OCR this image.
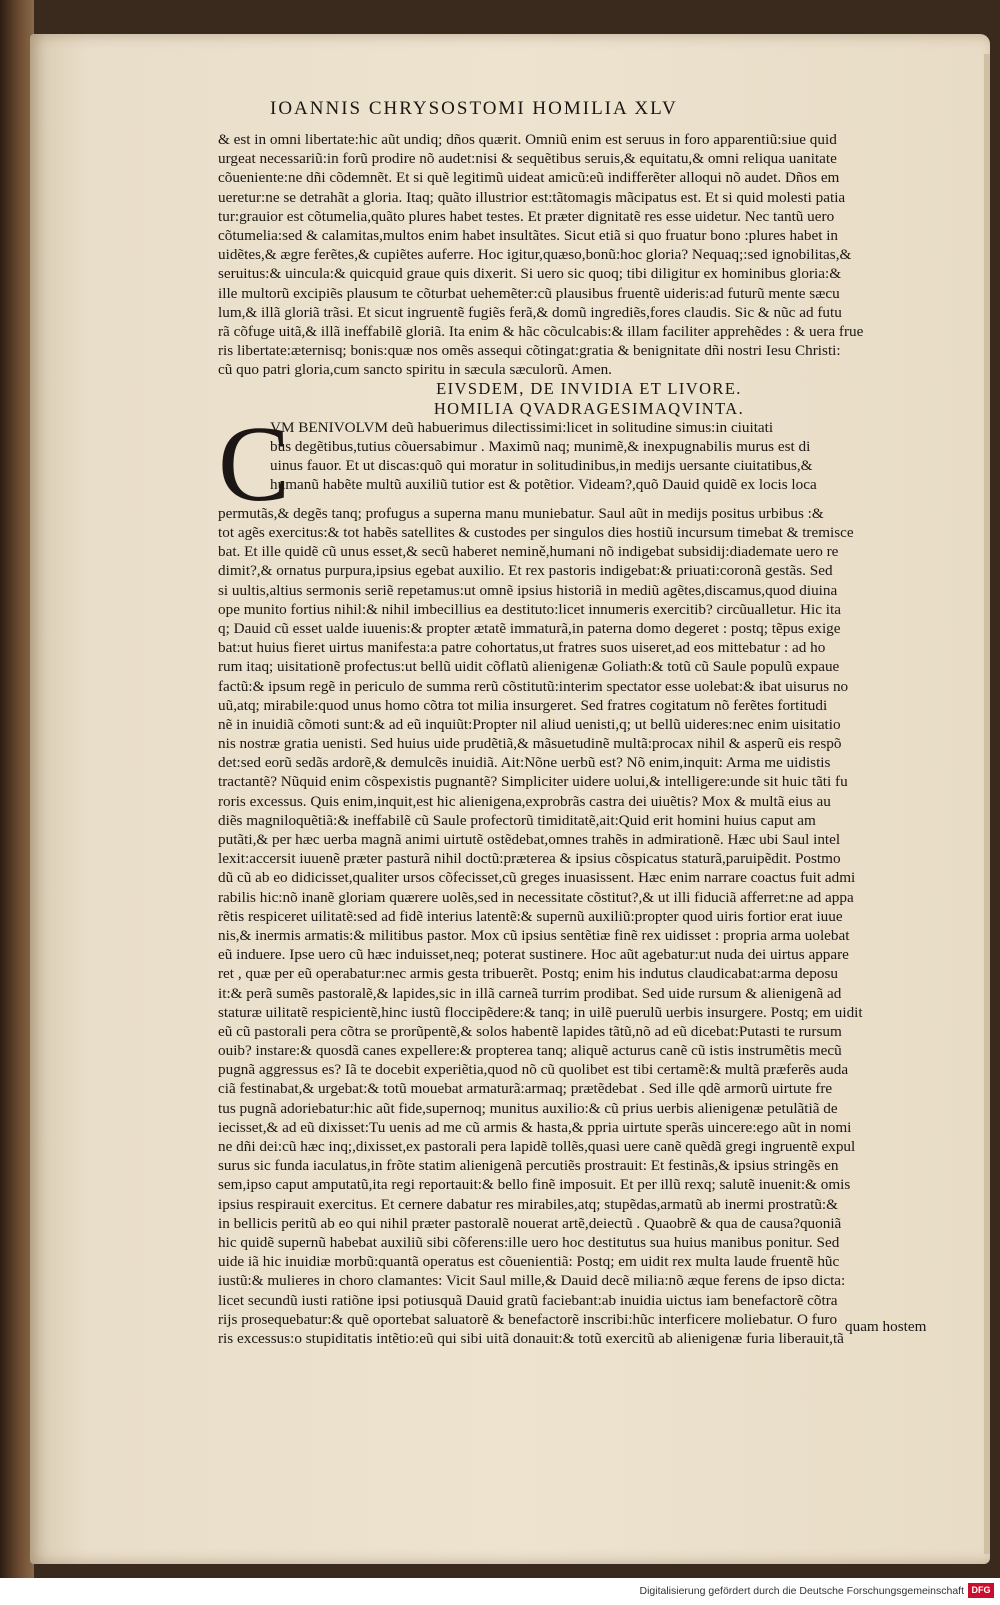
IOANNIS CHRYSOSTOMI HOMILIA XLV
& est in omni libertate:hic aũt undiq; dños quærit. Omniũ enim est seruus in foro apparentiũ:siue quid
urgeat necessariũ:in forũ prodire nõ audet:nisi & sequẽtibus seruis,& equitatu,& omni reliqua uanitate
cõueniente:ne dñi cõdemnẽt. Et si quẽ legitimũ uideat amicũ:eũ indifferẽter alloqui nõ audet. Dños em
ueretur:ne se detrahãt a gloria. Itaq; quãto illustrior est:tãtomagis mãcipatus est. Et si quid molesti patia
tur:grauior est cõtumelia,quãto plures habet testes. Et præter dignitatẽ res esse uidetur. Nec tantũ uero
cõtumelia:sed & calamitas,multos enim habet insultãtes. Sicut etiã si quo fruatur bono :plures habet in
uidẽtes,& ægre ferẽtes,& cupiẽtes auferre. Hoc igitur,quæso,bonũ:hoc gloria? Nequaq;:sed ignobilitas,&
seruitus:& uincula:& quicquid graue quis dixerit. Si uero sic quoq; tibi diligitur ex hominibus gloria:&
ille multorũ excipiẽs plausum te cõturbat uehemẽter:cũ plausibus fruentẽ uideris:ad futurũ mente sæcu
lum,& illã gloriã trãsi. Et sicut ingruentẽ fugiẽs ferã,& domũ ingrediẽs,fores claudis. Sic & nũc ad futu
rã cõfuge uitã,& illã ineffabilẽ gloriã. Ita enim & hãc cõculcabis:& illam faciliter apprehẽdes : & uera frue
ris libertate:æternisq; bonis:quæ nos omẽs assequi cõtingat:gratia & benignitate dñi nostri Iesu Christi:
cũ quo patri gloria,cum sancto spiritu in sæcula sæculorũ. Amen.
EIVSDEM, DE INVIDIA ET LIVORE.
HOMILIA QVADRAGESIMAQVINTA.
C
VM BENIVOLVM deũ habuerimus dilectissimi:licet in solitudine simus:in ciuitati
bus degẽtibus,tutius cõuersabimur . Maximũ naq; munimẽ,& inexpugnabilis murus est di
uinus fauor. Et ut discas:quõ qui moratur in solitudinibus,in medijs uersante ciuitatibus,&
humanũ habẽte multũ auxiliũ tutior est & potẽtior. Videam?,quõ Dauid quidẽ ex locis loca
permutãs,& degẽs tanq; profugus a superna manu muniebatur. Saul aũt in medijs positus urbibus :&
tot agẽs exercitus:& tot habẽs satellites & custodes per singulos dies hostiũ incursum timebat & tremisce
bat. Et ille quidẽ cũ unus esset,& secũ haberet nemině,humani nõ indigebat subsidij:diademate uero re
dimit?,& ornatus purpura,ipsius egebat auxilio. Et rex pastoris indigebat:& priuati:coronã gestãs. Sed
si uultis,altius sermonis seriẽ repetamus:ut omnẽ ipsius historiã in mediũ agẽtes,discamus,quod diuina
ope munito fortius nihil:& nihil imbecillius ea destituto:licet innumeris exercitib? circũualletur. Hic ita
q; Dauid cũ esset ualde iuuenis:& propter ætatẽ immaturã,in paterna domo degeret : postq; tẽpus exige
bat:ut huius fieret uirtus manifesta:a patre cohortatus,ut fratres suos uiseret,ad eos mittebatur : ad ho
rum itaq; uisitationẽ profectus:ut bellũ uidit cõflatũ alienigenæ Goliath:& totũ cũ Saule populũ expaue
factũ:& ipsum regẽ in periculo de summa rerũ cõstitutũ:interim spectator esse uolebat:& ibat uisurus no
uũ,atq; mirabile:quod unus homo cõtra tot milia insurgeret. Sed fratres cogitatum nõ ferẽtes fortitudi
nẽ in inuidiã cõmoti sunt:& ad eũ inquiũt:Propter nil aliud uenisti,q; ut bellũ uideres:nec enim uisitatio
nis nostræ gratia uenisti. Sed huius uide prudẽtiã,& mãsuetudinẽ multã:procax nihil & asperũ eis respõ
det:sed eorũ sedãs ardorẽ,& demulcẽs inuidiã. Ait:Nõne uerbũ est? Nõ enim,inquit: Arma me uidistis
tractantẽ? Nũquid enim cõspexistis pugnantẽ? Simpliciter uidere uolui,& intelligere:unde sit huic tãti fu
roris excessus. Quis enim,inquit,est hic alienigena,exprobrãs castra dei uiuẽtis? Mox & multã eius au
diẽs magniloquẽtiã:& ineffabilẽ cũ Saule profectorũ timiditatẽ,ait:Quid erit homini huius caput am
putãti,& per hæc uerba magnã animi uirtutẽ ostẽdebat,omnes trahẽs in admirationẽ. Hæc ubi Saul intel
lexit:accersit iuuenẽ præter pasturã nihil doctũ:præterea & ipsius cõspicatus staturã,paruipẽdit. Postmo
dũ cũ ab eo didicisset,qualiter ursos cõfecisset,cũ greges inuasissent. Hæc enim narrare coactus fuit admi
rabilis hic:nõ inanẽ gloriam quærere uolẽs,sed in necessitate cõstitut?,& ut illi fiduciã afferret:ne ad appa
rẽtis respiceret uilitatẽ:sed ad fidẽ interius latentẽ:& supernũ auxiliũ:propter quod uiris fortior erat iuue
nis,& inermis armatis:& militibus pastor. Mox cũ ipsius sentẽtiæ finẽ rex uidisset : propria arma uolebat
eũ induere. Ipse uero cũ hæc induisset,neq; poterat sustinere. Hoc aũt agebatur:ut nuda dei uirtus appare
ret , quæ per eũ operabatur:nec armis gesta tribuerẽt. Postq; enim his indutus claudicabat:arma deposu
it:& perã sumẽs pastoralẽ,& lapides,sic in illã carneã turrim prodibat. Sed uide rursum & alienigenã ad
staturæ uilitatẽ respicientẽ,hinc iustũ floccipẽdere:& tanq; in uilẽ puerulũ uerbis insurgere. Postq; em uidit
eũ cũ pastorali pera cõtra se prorũpentẽ,& solos habentẽ lapides tãtũ,nõ ad eũ dicebat:Putasti te rursum
ouib? instare:& quosdã canes expellere:& propterea tanq; aliquẽ acturus canẽ cũ istis instrumẽtis mecũ
pugnã aggressus es? Iã te docebit experiẽtia,quod nõ cũ quolibet est tibi certamẽ:& multã præferẽs auda
ciã festinabat,& urgebat:& totũ mouebat armaturã:armaq; prætẽdebat . Sed ille qdẽ armorũ uirtute fre
tus pugnã adoriebatur:hic aũt fide,supernoq; munitus auxilio:& cũ prius uerbis alienigenæ petulãtiã de
iecisset,& ad eũ dixisset:Tu uenis ad me cũ armis & hasta,& ppria uirtute sperãs uincere:ego aũt in nomi
ne dñi dei:cũ hæc inq;,dixisset,ex pastorali pera lapidẽ tollẽs,quasi uere canẽ quẽdã gregi ingruentẽ expul
surus sic funda iaculatus,in frõte statim alienigenã percutiẽs prostrauit: Et festinãs,& ipsius stringẽs en
sem,ipso caput amputatũ,ita regi reportauit:& bello finẽ imposuit. Et per illũ rexq; salutẽ inuenit:& omis
ipsius respirauit exercitus. Et cernere dabatur res mirabiles,atq; stupẽdas,armatũ ab inermi prostratũ:&
in bellicis peritũ ab eo qui nihil præter pastoralẽ nouerat artẽ,deiectũ . Quaobrẽ & qua de causa?quoniã
hic quidẽ supernũ habebat auxiliũ sibi cõferens:ille uero hoc destitutus sua huius manibus ponitur. Sed
uide iã hic inuidiæ morbũ:quantã operatus est cõuenientiã: Postq; em uidit rex multa laude fruentẽ hũc
iustũ:& mulieres in choro clamantes: Vicit Saul mille,& Dauid decẽ milia:nõ æque ferens de ipso dicta:
licet secundũ iusti ratiõne ipsi potiusquã Dauid gratũ faciebant:ab inuidia uictus iam benefactorẽ cõtra
rijs prosequebatur:& quẽ oportebat saluatorẽ & benefactorẽ inscribi:hũc interficere moliebatur. O furo
ris excessus:o stupiditatis intẽtio:eũ qui sibi uitã donauit:& totũ exercitũ ab alienigenæ furia liberauit,tã
quam hostem
Digitalisierung gefördert durch die Deutsche Forschungsgemeinschaft DFG
